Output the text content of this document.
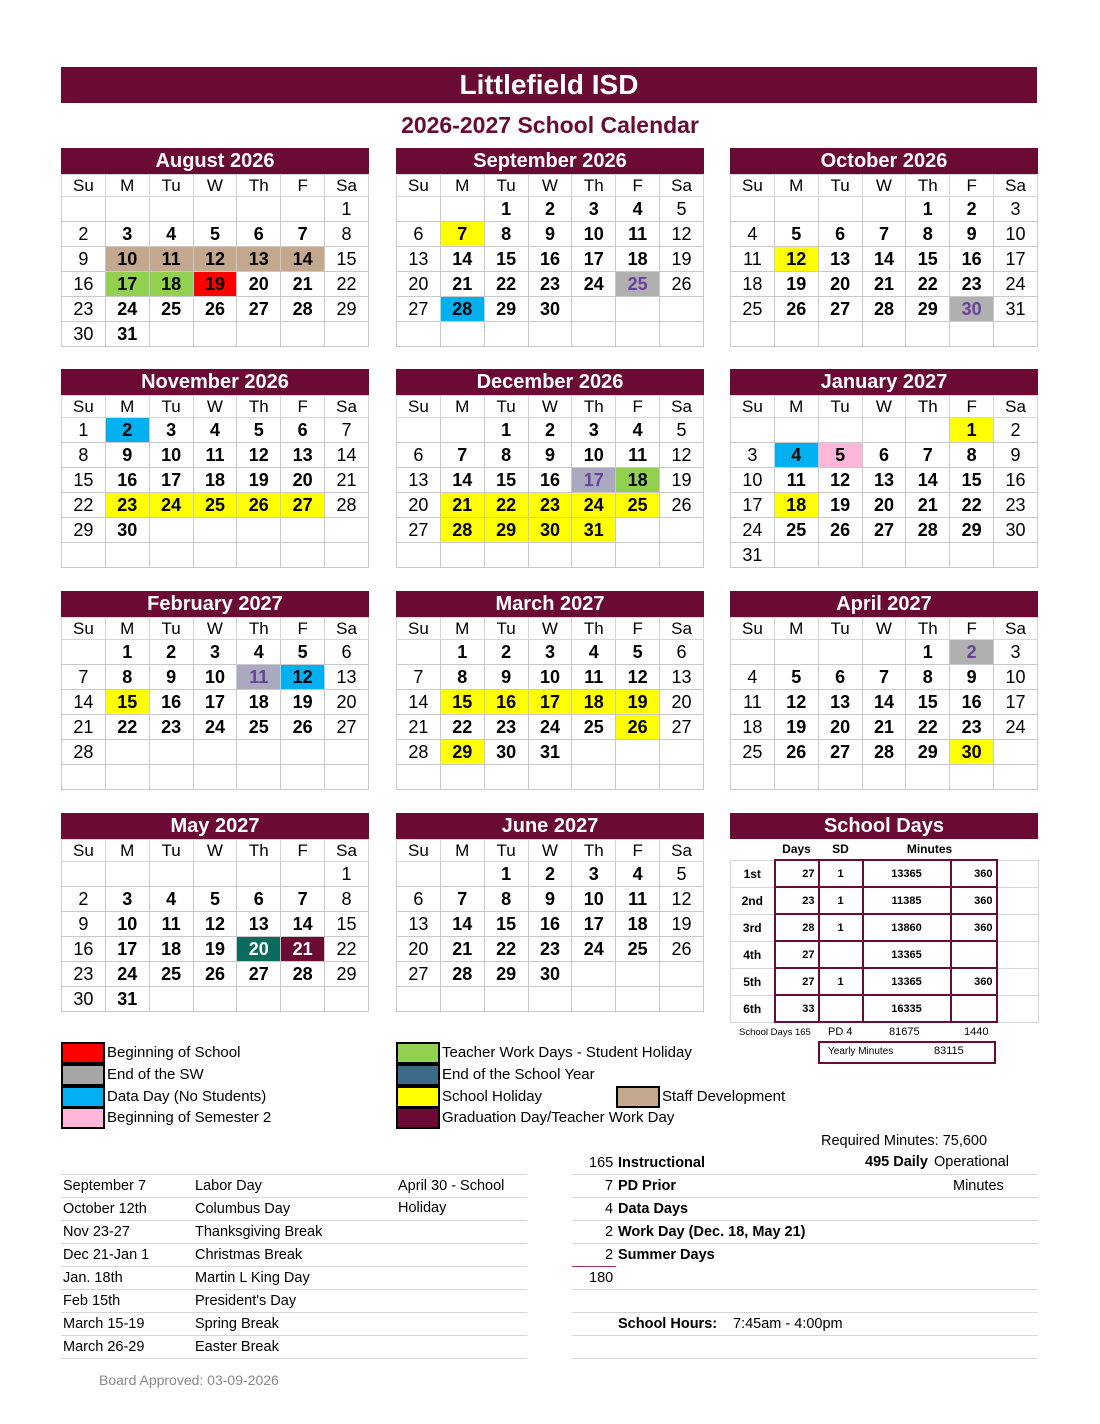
Littlefield ISD
2026-2027 School Calendar
August 2026
Su	M	Tu	W	Th	F	Sa
						1
2	3	4	5	6	7	8
9	10	11	12	13	14	15
16	17	18	19	20	21	22
23	24	25	26	27	28	29
30	31					
September 2026
Su	M	Tu	W	Th	F	Sa
		1	2	3	4	5
6	7	8	9	10	11	12
13	14	15	16	17	18	19
20	21	22	23	24	25	26
27	28	29	30			

October 2026
Su	M	Tu	W	Th	F	Sa
				1	2	3
4	5	6	7	8	9	10
11	12	13	14	15	16	17
18	19	20	21	22	23	24
25	26	27	28	29	30	31

November 2026
Su	M	Tu	W	Th	F	Sa
1	2	3	4	5	6	7
8	9	10	11	12	13	14
15	16	17	18	19	20	21
22	23	24	25	26	27	28
29	30					

December 2026
Su	M	Tu	W	Th	F	Sa
		1	2	3	4	5
6	7	8	9	10	11	12
13	14	15	16	17	18	19
20	21	22	23	24	25	26
27	28	29	30	31		

January 2027
Su	M	Tu	W	Th	F	Sa
					1	2
3	4	5	6	7	8	9
10	11	12	13	14	15	16
17	18	19	20	21	22	23
24	25	26	27	28	29	30
31						
February 2027
Su	M	Tu	W	Th	F	Sa
	1	2	3	4	5	6
7	8	9	10	11	12	13
14	15	16	17	18	19	20
21	22	23	24	25	26	27
28						

March 2027
Su	M	Tu	W	Th	F	Sa
	1	2	3	4	5	6
7	8	9	10	11	12	13
14	15	16	17	18	19	20
21	22	23	24	25	26	27
28	29	30	31			

April 2027
Su	M	Tu	W	Th	F	Sa
				1	2	3
4	5	6	7	8	9	10
11	12	13	14	15	16	17
18	19	20	21	22	23	24
25	26	27	28	29	30	

May 2027
Su	M	Tu	W	Th	F	Sa
						1
2	3	4	5	6	7	8
9	10	11	12	13	14	15
16	17	18	19	20	21	22
23	24	25	26	27	28	29
30	31					
June 2027
Su	M	Tu	W	Th	F	Sa
		1	2	3	4	5
6	7	8	9	10	11	12
13	14	15	16	17	18	19
20	21	22	23	24	25	26
27	28	29	30			

School Days
	Days	SD	Minutes		
1st	27	1	13365	360	
2nd	23	1	11385	360	
3rd	28	1	13860	360	
4th	27		13365		
5th	27	1	13365	360	
6th	33		16335		
School Days 165 PD 4	81675	1440
Yearly Minutes	83115
Beginning of School
End of the SW
Data Day (No Students)
Beginning of Semester 2
Teacher Work Days - Student Holiday
End of the School Year
School Holiday
Graduation Day/Teacher Work Day
Staff Development
Required Minutes: 75,600
September 7	Labor Day	April 30 - School Holiday
October 12th	Columbus Day
Nov 23-27	Thanksgiving Break
Dec 21-Jan 1	Christmas Break
Jan. 18th	Martin L King Day
Feb 15th	President's Day
March 15-19	Spring Break
March 26-29	Easter Break
165 Instructional	495 Daily Operational
7 PD Prior	Minutes
4 Data Days
2 Work Day (Dec. 18, May 21)
2 Summer Days
180
School Hours: 7:45am - 4:00pm
Board Approved: 03-09-2026
